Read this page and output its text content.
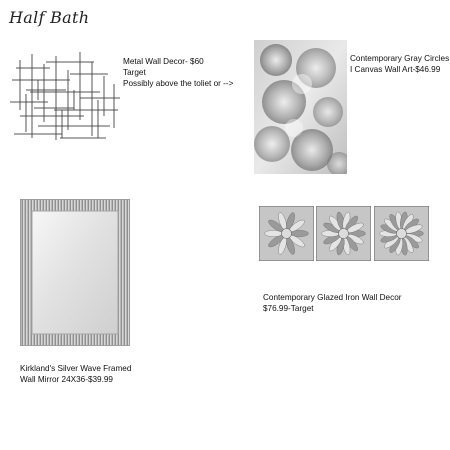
Half Bath
Metal Wall Decor- $60
Target
Possibly above the toliet or -->
Contemporary Gray Circles
I Canvas Wall Art-$46.99
Kirkland's Silver Wave Framed
Wall Mirror 24X36-$39.99
Contemporary Glazed Iron Wall Decor
$76.99-Target
